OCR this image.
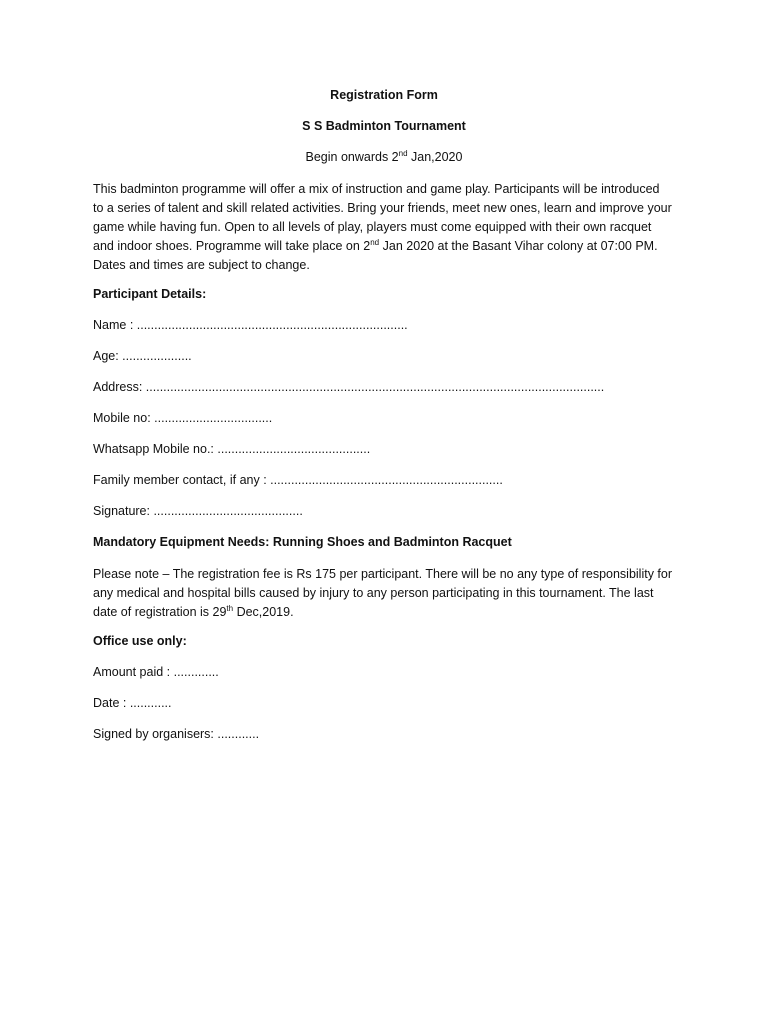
Registration Form
S S Badminton Tournament
Begin onwards 2nd Jan,2020
This badminton programme will offer a mix of instruction and game play. Participants will be introduced to a series of talent and skill related activities. Bring your friends, meet new ones, learn and improve your game while having fun. Open to all levels of play, players must come equipped with their own racquet and indoor shoes. Programme will take place on 2nd Jan 2020 at the Basant Vihar colony at 07:00 PM. Dates and times are subject to change.
Participant Details:
Name : ..............................................................................
Age: ....................
Address: ....................................................................................................................................
Mobile no: ..................................
Whatsapp Mobile no.: ............................................
Family member contact, if any : ...................................................................
Signature: ...........................................
Mandatory Equipment Needs: Running Shoes and Badminton Racquet
Please note – The registration fee is Rs 175 per participant. There will be no any type of responsibility for any medical and hospital bills caused by injury to any person participating in this tournament. The last date of registration is 29th Dec,2019.
Office use only:
Amount paid : .............
Date : ............
Signed by organisers: ............
